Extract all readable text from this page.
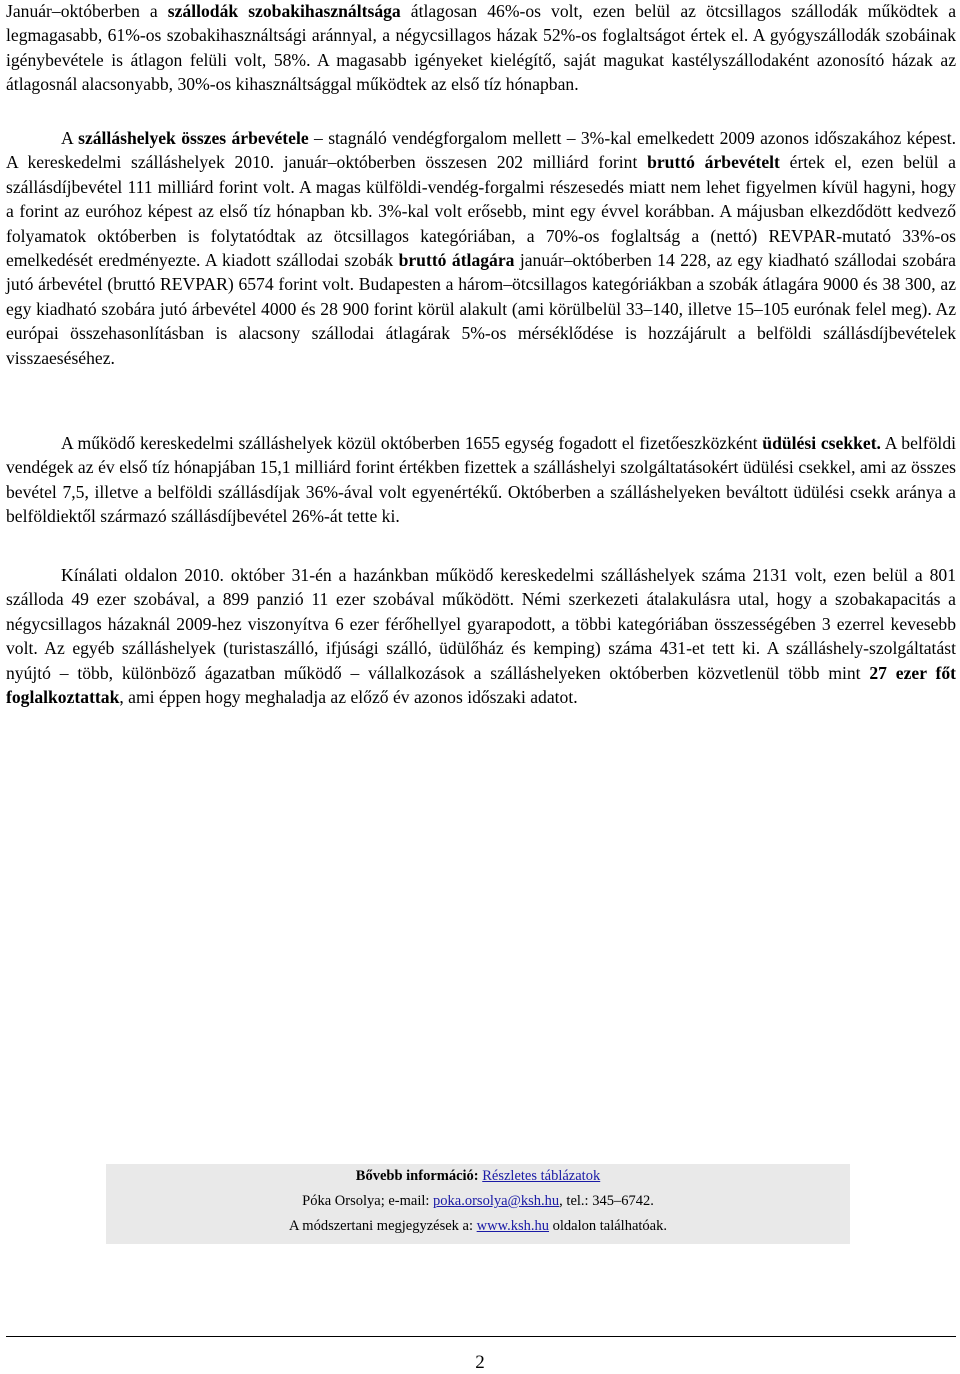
Január–októberben a szállodák szobakihasználtsága átlagosan 46%-os volt, ezen belül az ötcsillagos szállodák működtek a legmagasabb, 61%-os szobakihasználtsági aránnyal, a négycsillagos házak 52%-os foglaltságot értek el. A gyógyszállodák szobáinak igénybevétele is átlagon felüli volt, 58%. A magasabb igényeket kielégítő, saját magukat kastélyszállodaként azonosító házak az átlagosnál alacsonyabb, 30%-os kihasználtsággal működtek az első tíz hónapban.

A szálláshelyek összes árbevétele – stagnáló vendégforgalom mellett – 3%-kal emelkedett 2009 azonos időszakához képest. A kereskedelmi szálláshelyek 2010. január–októberben összesen 202 milliárd forint bruttó árbevételt értek el, ezen belül a szállásdíjbevétel 111 milliárd forint volt. A magas külföldi-vendég-forgalmi részesedés miatt nem lehet figyelmen kívül hagyni, hogy a forint az euróhoz képest az első tíz hónapban kb. 3%-kal volt erősebb, mint egy évvel korábban. A májusban elkezdődött kedvező folyamatok októberben is folytatódtak az ötcsillagos kategóriában, a 70%-os foglaltság a (nettó) REVPAR-mutató 33%-os emelkedését eredményezte. A kiadott szállodai szobák bruttó átlagára január–októberben 14 228, az egy kiadható szállodai szobára jutó árbevétel (bruttó REVPAR) 6574 forint volt. Budapesten a három–ötcsillagos kategóriákban a szobák átlagára 9000 és 38 300, az egy kiadható szobára jutó árbevétel 4000 és 28 900 forint körül alakult (ami körülbelül 33–140, illetve 15–105 eurónak felel meg). Az európai összehasonlításban is alacsony szállodai átlagárak 5%-os mérséklődése is hozzájárult a belföldi szállásdíjbevételek visszaeséséhez.

A működő kereskedelmi szálláshelyek közül októberben 1655 egység fogadott el fizetőeszközként üdülési csekket. A belföldi vendégek az év első tíz hónapjában 15,1 milliárd forint értékben fizettek a szálláshelyi szolgáltatásokért üdülési csekkel, ami az összes bevétel 7,5, illetve a belföldi szállásdíjak 36%-ával volt egyenértékű. Októberben a szálláshelyeken beváltott üdülési csekk aránya a belföldiektől származó szállásdíjbevétel 26%-át tette ki.

Kínálati oldalon 2010. október 31-én a hazánkban működő kereskedelmi szálláshelyek száma 2131 volt, ezen belül a 801 szálloda 49 ezer szobával, a 899 panzió 11 ezer szobával működött. Némi szerkezeti átalakulásra utal, hogy a szobakapacitás a négycsillagos házaknál 2009-hez viszonyítva 6 ezer férőhellyel gyarapodott, a többi kategóriában összességében 3 ezerrel kevesebb volt. Az egyéb szálláshelyek (turistaszálló, ifjúsági szálló, üdülőház és kemping) száma 431-et tett ki. A szálláshely-szolgáltatást nyújtó – több, különböző ágazatban működő – vállalkozások a szálláshelyeken októberben közvetlenül több mint 27 ezer főt foglalkoztattak, ami éppen hogy meghaladja az előző év azonos időszaki adatot.

Bővebb információ: Részletes táblázatok
Póka Orsolya; e-mail: poka.orsolya@ksh.hu, tel.: 345–6742.
A módszertani megjegyzések a: www.ksh.hu oldalon találhatóak.
2
